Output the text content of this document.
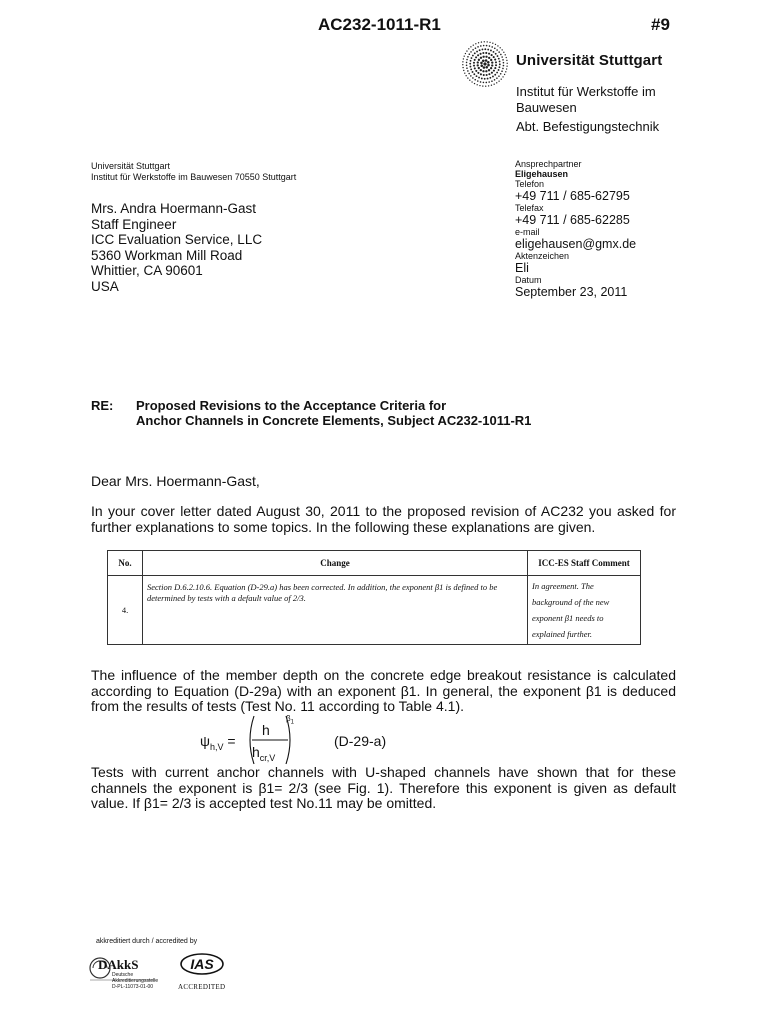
AC232-1011-R1	#9
Universität Stuttgart
Institut für Werkstoffe im Bauwesen
Abt. Befestigungstechnik
Universität Stuttgart
Institut für Werkstoffe im Bauwesen 70550 Stuttgart
Mrs. Andra Hoermann-Gast
Staff Engineer
ICC Evaluation Service, LLC
5360 Workman Mill Road
Whittier, CA 90601
USA
Ansprechpartner
Eligehausen
Telefon
+49 711 / 685-62795
Telefax
+49 711 / 685-62285
e-mail
eligehausen@gmx.de
Aktenzeichen
Eli
Datum
September 23, 2011
RE: Proposed Revisions to the Acceptance Criteria for
Anchor Channels in Concrete Elements, Subject AC232-1011-R1
Dear Mrs. Hoermann-Gast,
In your cover letter dated August 30, 2011 to the proposed revision of AC232 you asked for further explanations to some topics. In the following these explanations are given.
No.	Change	ICC-ES Staff Comment
4.	Section D.6.2.10.6. Equation (D-29.a) has been corrected. In addition, the exponent β1 is defined to be determined by tests with a default value of 2/3.	In agreement. The background of the new exponent β1 needs to explained further.
The influence of the member depth on the concrete edge breakout resistance is calculated according to Equation (D-29a) with an exponent β1. In general, the exponent β1 is deduced from the results of tests (Test No. 11 according to Table 4.1).
$\psi_{h,V}$ =
h
$h_{cr,V}$
$\beta_1$
(D-29-a)
Tests with current anchor channels with U-shaped channels have shown that for these channels the exponent is β1= 2/3 (see Fig. 1). Therefore this exponent is given as default value. If β1= 2/3 is accepted test No.11 may be omitted.
akkreditiert durch / accredited by
DAkkS
Deutsche
Akkreditierungsstelle
D-PL-11073-01-00
IAS
ACCREDITED
